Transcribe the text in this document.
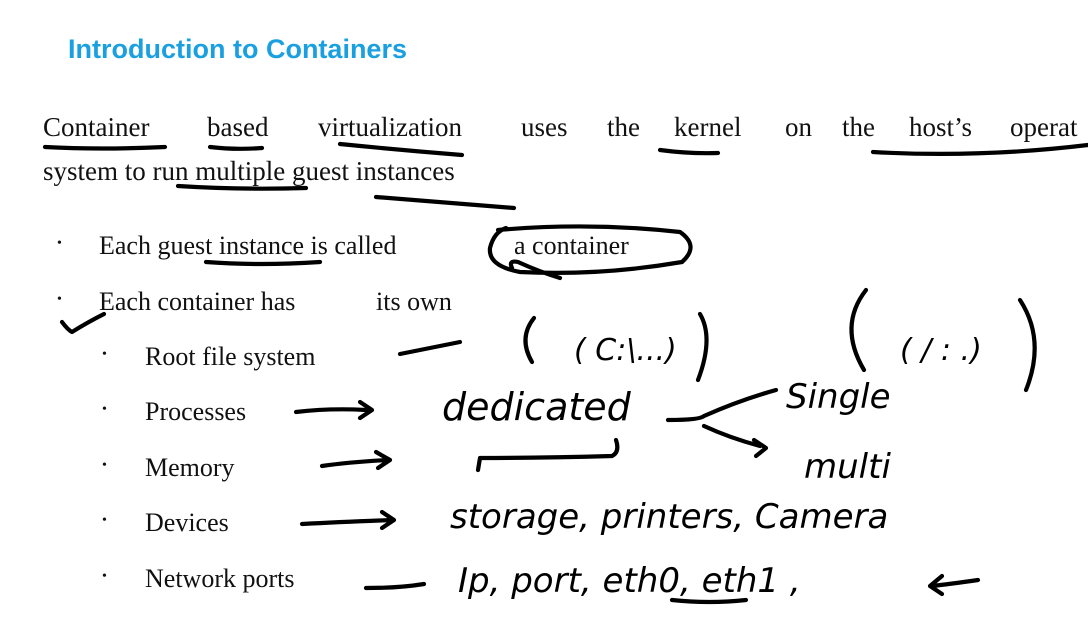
Introduction to Containers
Container based virtualization uses the kernel on the host’s operat
system to run multiple guest instances
• Each guest instance is called	a container
• Each container has	its own
• Root file system
• Processes
• Memory
• Devices
• Network ports
( C:\...)	( / : .)
dedicated	Single
multi
storage, printers, Camera
Ip, port, eth0, eth1 ,
